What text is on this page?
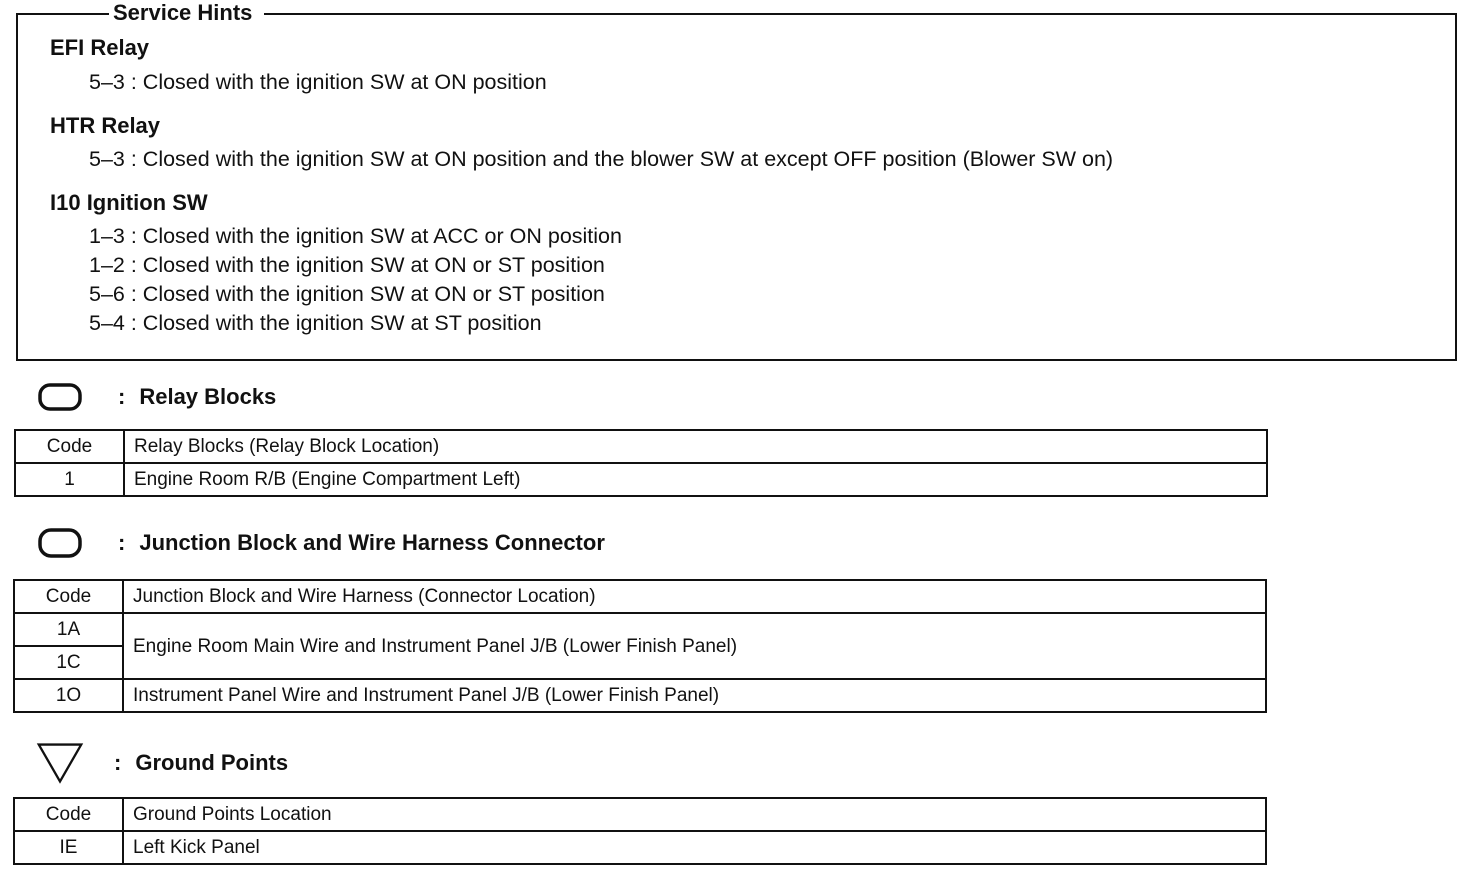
Service Hints
EFI Relay
5–3 : Closed with the ignition SW at ON position
HTR Relay
5–3 : Closed with the ignition SW at ON position and the blower SW at except OFF position (Blower SW on)
I10 Ignition SW
1–3 : Closed with the ignition SW at ACC or ON position
1–2 : Closed with the ignition SW at ON or ST position
5–6 : Closed with the ignition SW at ON or ST position
5–4 : Closed with the ignition SW at ST position
: Relay Blocks
Code	Relay Blocks (Relay Block Location)
1	Engine Room R/B (Engine Compartment Left)
: Junction Block and Wire Harness Connector
Code	Junction Block and Wire Harness (Connector Location)
1A	Engine Room Main Wire and Instrument Panel J/B (Lower Finish Panel)
1C	
1O	Instrument Panel Wire and Instrument Panel J/B (Lower Finish Panel)
: Ground Points
Code	Ground Points Location
IE	Left Kick Panel
